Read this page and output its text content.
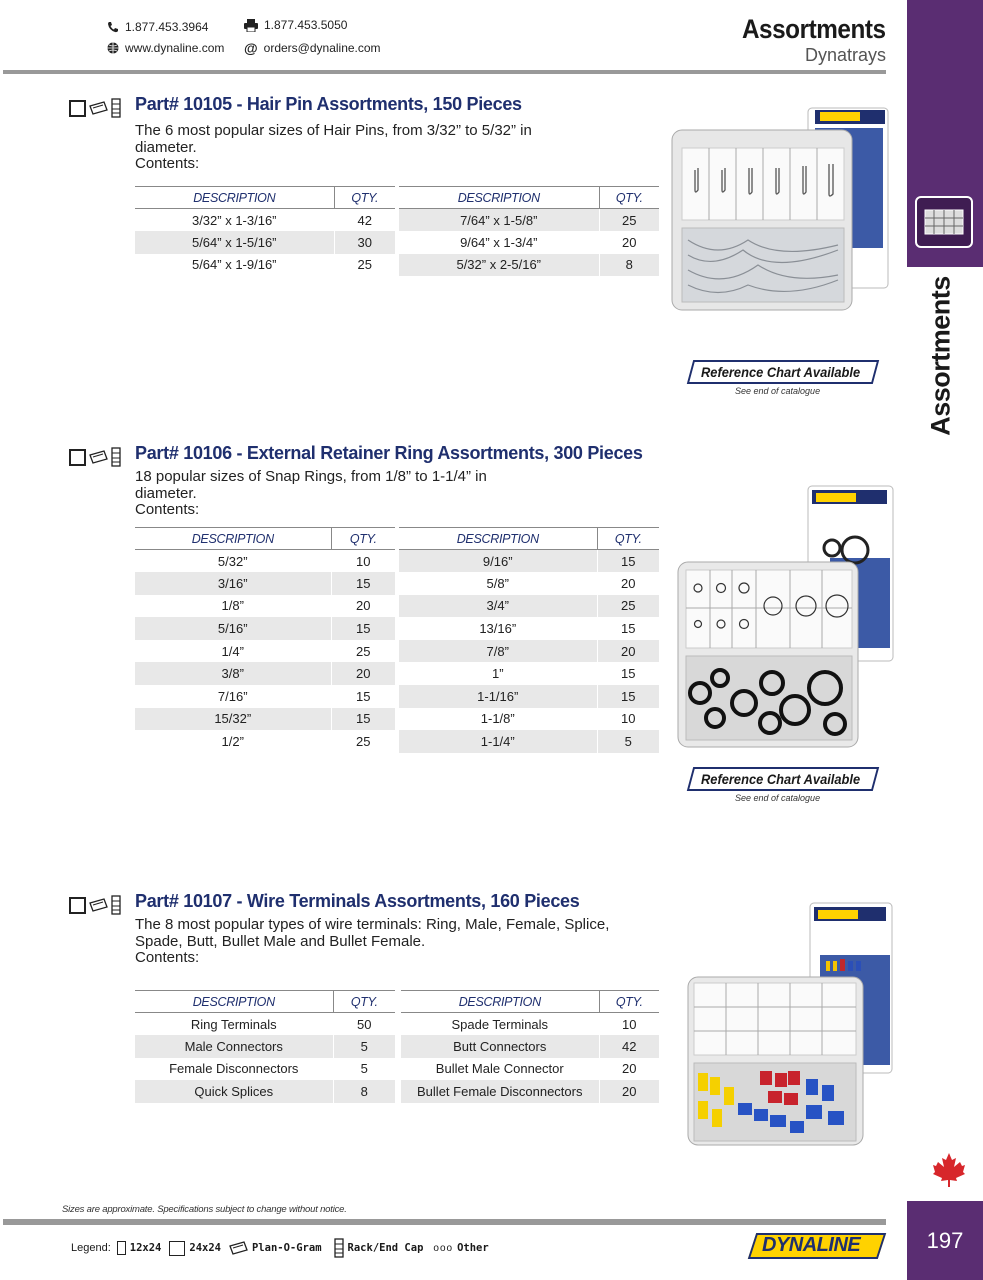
1.877.453.3964	1.877.453.5050
www.dynaline.com @ orders@dynaline.com
Assortments
Dynatrays
Assortments
Part# 10105 - Hair Pin Assortments, 150 Pieces
The 6 most popular sizes of Hair Pins, from 3/32” to 5/32” in diameter.
Contents:
DESCRIPTION	QTY.
3/32” x 1-3/16”	42
5/64” x 1-5/16”	30
5/64” x 1-9/16”	25
DESCRIPTION	QTY.
7/64” x 1-5/8”	25
9/64” x 1-3/4”	20
5/32” x 2-5/16”	8
Reference Chart Available
See end of catalogue
Part# 10106 - External Retainer Ring Assortments, 300 Pieces
18 popular sizes of Snap Rings, from 1/8” to 1-1/4” in diameter.
Contents:
DESCRIPTION	QTY.
5/32”	10
3/16”	15
1/8”	20
5/16”	15
1/4”	25
3/8”	20
7/16”	15
15/32”	15
1/2”	25
DESCRIPTION	QTY.
9/16”	15
5/8”	20
3/4”	25
13/16”	15
7/8”	20
1”	15
1-1/16”	15
1-1/8”	10
1-1/4”	5
Reference Chart Available
See end of catalogue
Part# 10107 - Wire Terminals Assortments, 160 Pieces
The 8 most popular types of wire terminals: Ring, Male, Female, Splice, Spade, Butt, Bullet Male and Bullet Female.
Contents:
DESCRIPTION	QTY.
Ring Terminals	50
Male Connectors	5
Female Disconnectors	5
Quick Splices	8
DESCRIPTION	QTY.
Spade Terminals	10
Butt Connectors	42
Bullet Male Connector	20
Bullet Female Disconnectors	20
Sizes are approximate. Specifications subject to change without notice.
Legend: 12x24	24x24	Plan-O-Gram Rack/End Cap ooo Other	DYNALINE	197
